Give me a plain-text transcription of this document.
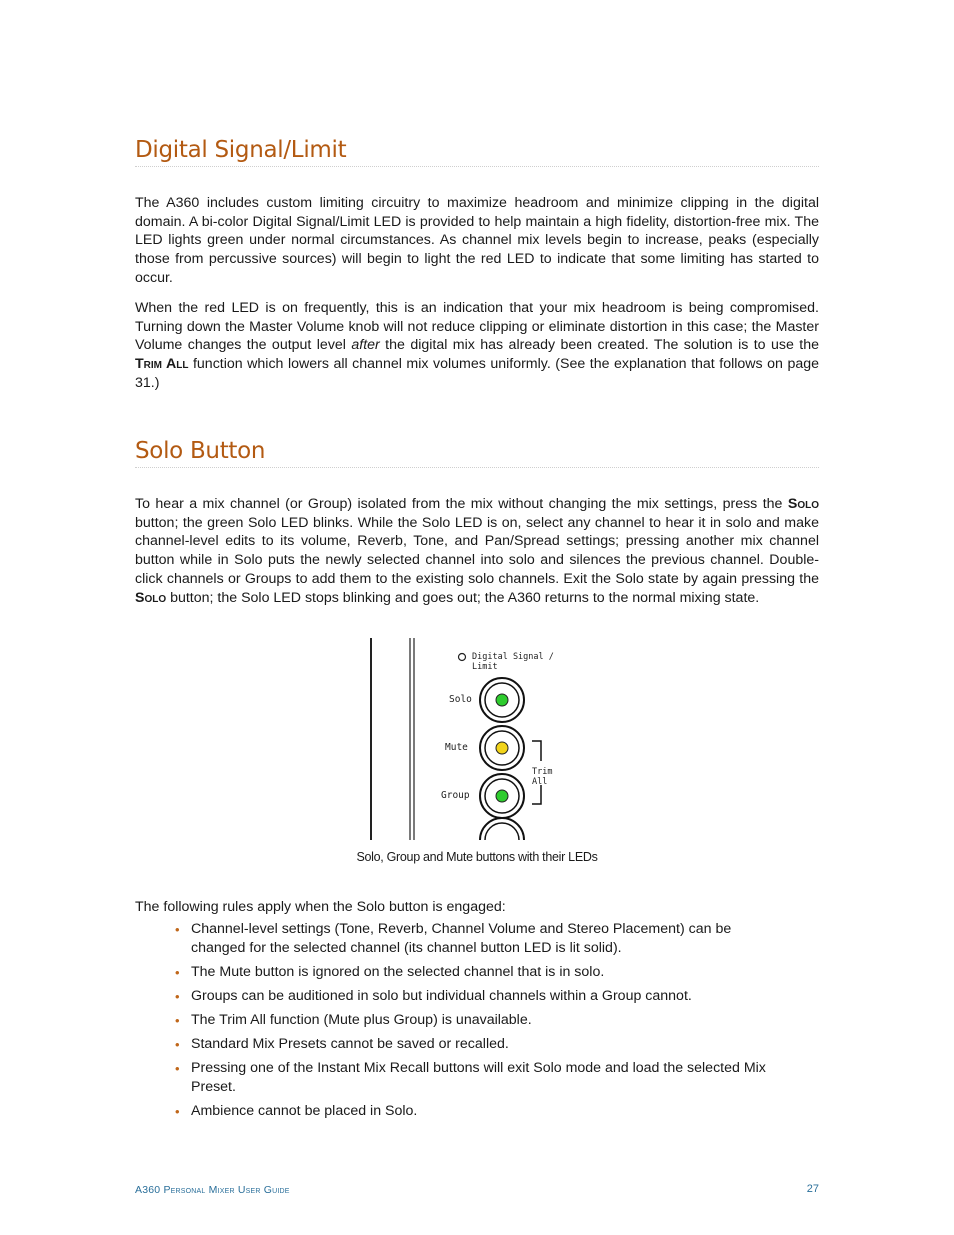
Digital Signal/Limit

The A360 includes custom limiting circuitry to maximize headroom and minimize clipping in the digital domain. A bi-color Digital Signal/Limit LED is provided to help maintain a high fidelity, distortion-free mix. The LED lights green under normal circumstances. As channel mix levels begin to increase, peaks (especially those from percussive sources) will begin to light the red LED to indicate that some limiting has started to occur.

When the red LED is on frequently, this is an indication that your mix headroom is being compromised. Turning down the Master Volume knob will not reduce clipping or eliminate distortion in this case; the Master Volume changes the output level after the digital mix has already been created. The solution is to use the Trim All function which lowers all channel mix volumes uniformly. (See the explanation that follows on page 31.)

Solo Button

To hear a mix channel (or Group) isolated from the mix without changing the mix settings, press the Solo button; the green Solo LED blinks. While the Solo LED is on, select any channel to hear it in solo and make channel-level edits to its volume, Reverb, Tone, and Pan/Spread settings; pressing another mix channel button while in Solo puts the newly selected channel into solo and silences the previous channel. Double-click channels or Groups to add them to the existing solo channels. Exit the Solo state by again pressing the Solo button; the Solo LED stops blinking and goes out; the A360 returns to the normal mixing state.

Digital Signal / Limit
Solo
Mute
Group
Trim All
Solo, Group and Mute buttons with their LEDs

The following rules apply when the Solo button is engaged:

• Channel-level settings (Tone, Reverb, Channel Volume and Stereo Placement) can be changed for the selected channel (its channel button LED is lit solid).
• The Mute button is ignored on the selected channel that is in solo.
• Groups can be auditioned in solo but individual channels within a Group cannot.
• The Trim All function (Mute plus Group) is unavailable.
• Standard Mix Presets cannot be saved or recalled.
• Pressing one of the Instant Mix Recall buttons will exit Solo mode and load the selected Mix Preset.
• Ambience cannot be placed in Solo.
A360 Personal Mixer User Guide	27
